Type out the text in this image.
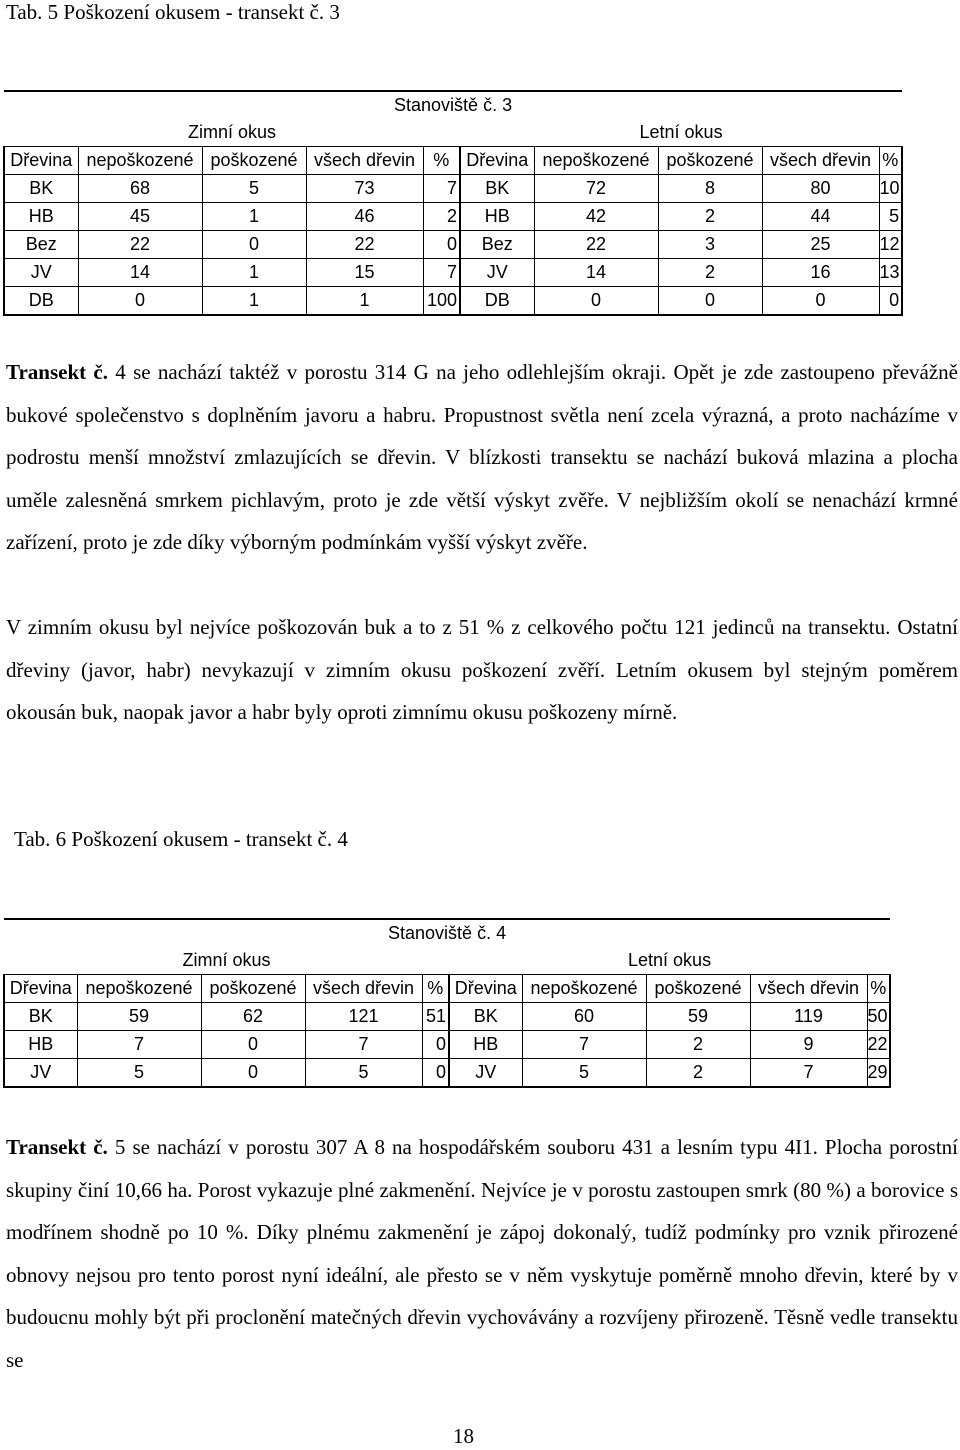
Tab. 5 Poškození okusem - transekt č. 3
Stanoviště č. 3									
Zimní okus					Letní okus				
Dřevina	nepoškozené	poškozené	všech dřevin	%	Dřevina	nepoškozené	poškozené	všech dřevin	%
BK	68	5	73	7	BK	72	8	80	10
HB	45	1	46	2	HB	42	2	44	5
Bez	22	0	22	0	Bez	22	3	25	12
JV	14	1	15	7	JV	14	2	16	13
DB	0	1	1	100	DB	0	0	0	0

Transekt č. 4 se nachází taktéž v porostu 314 G na jeho odlehlejším okraji. Opět je zde zastoupeno převážně bukové společenstvo s doplněním javoru a habru. Propustnost světla není zcela výrazná, a proto nacházíme v podrostu menší množství zmlazujících se dřevin. V blízkosti transektu se nachází buková mlazina a plocha uměle zalesněná smrkem pichlavým, proto je zde větší výskyt zvěře. V nejbližším okolí se nenachází krmné zařízení, proto je zde díky výborným podmínkám vyšší výskyt zvěře.

V zimním okusu byl nejvíce poškozován buk a to z 51 % z celkového počtu 121 jedinců na transektu. Ostatní dřeviny (javor, habr) nevykazují v zimním okusu poškození zvěří. Letním okusem byl stejným poměrem okousán buk, naopak javor a habr byly oproti zimnímu okusu poškozeny mírně.

Tab. 6 Poškození okusem - transekt č. 4
Stanoviště č. 4									
Zimní okus					Letní okus				
Dřevina	nepoškozené	poškozené	všech dřevin	%	Dřevina	nepoškozené	poškozené	všech dřevin	%
BK	59	62	121	51	BK	60	59	119	50
HB	7	0	7	0	HB	7	2	9	22
JV	5	0	5	0	JV	5	2	7	29

Transekt č. 5 se nachází v porostu 307 A 8 na hospodářském souboru 431 a lesním typu 4I1. Plocha porostní skupiny činí 10,66 ha. Porost vykazuje plné zakmenění. Nejvíce je v porostu zastoupen smrk (80 %) a borovice s modřínem shodně po 10 %. Díky plnému zakmenění je zápoj dokonalý, tudíž podmínky pro vznik přirozené obnovy nejsou pro tento porost nyní ideální, ale přesto se v něm vyskytuje poměrně mnoho dřevin, které by v budoucnu mohly být při proclonění matečných dřevin vychovávány a rozvíjeny přirozeně. Těsně vedle transektu se

18
